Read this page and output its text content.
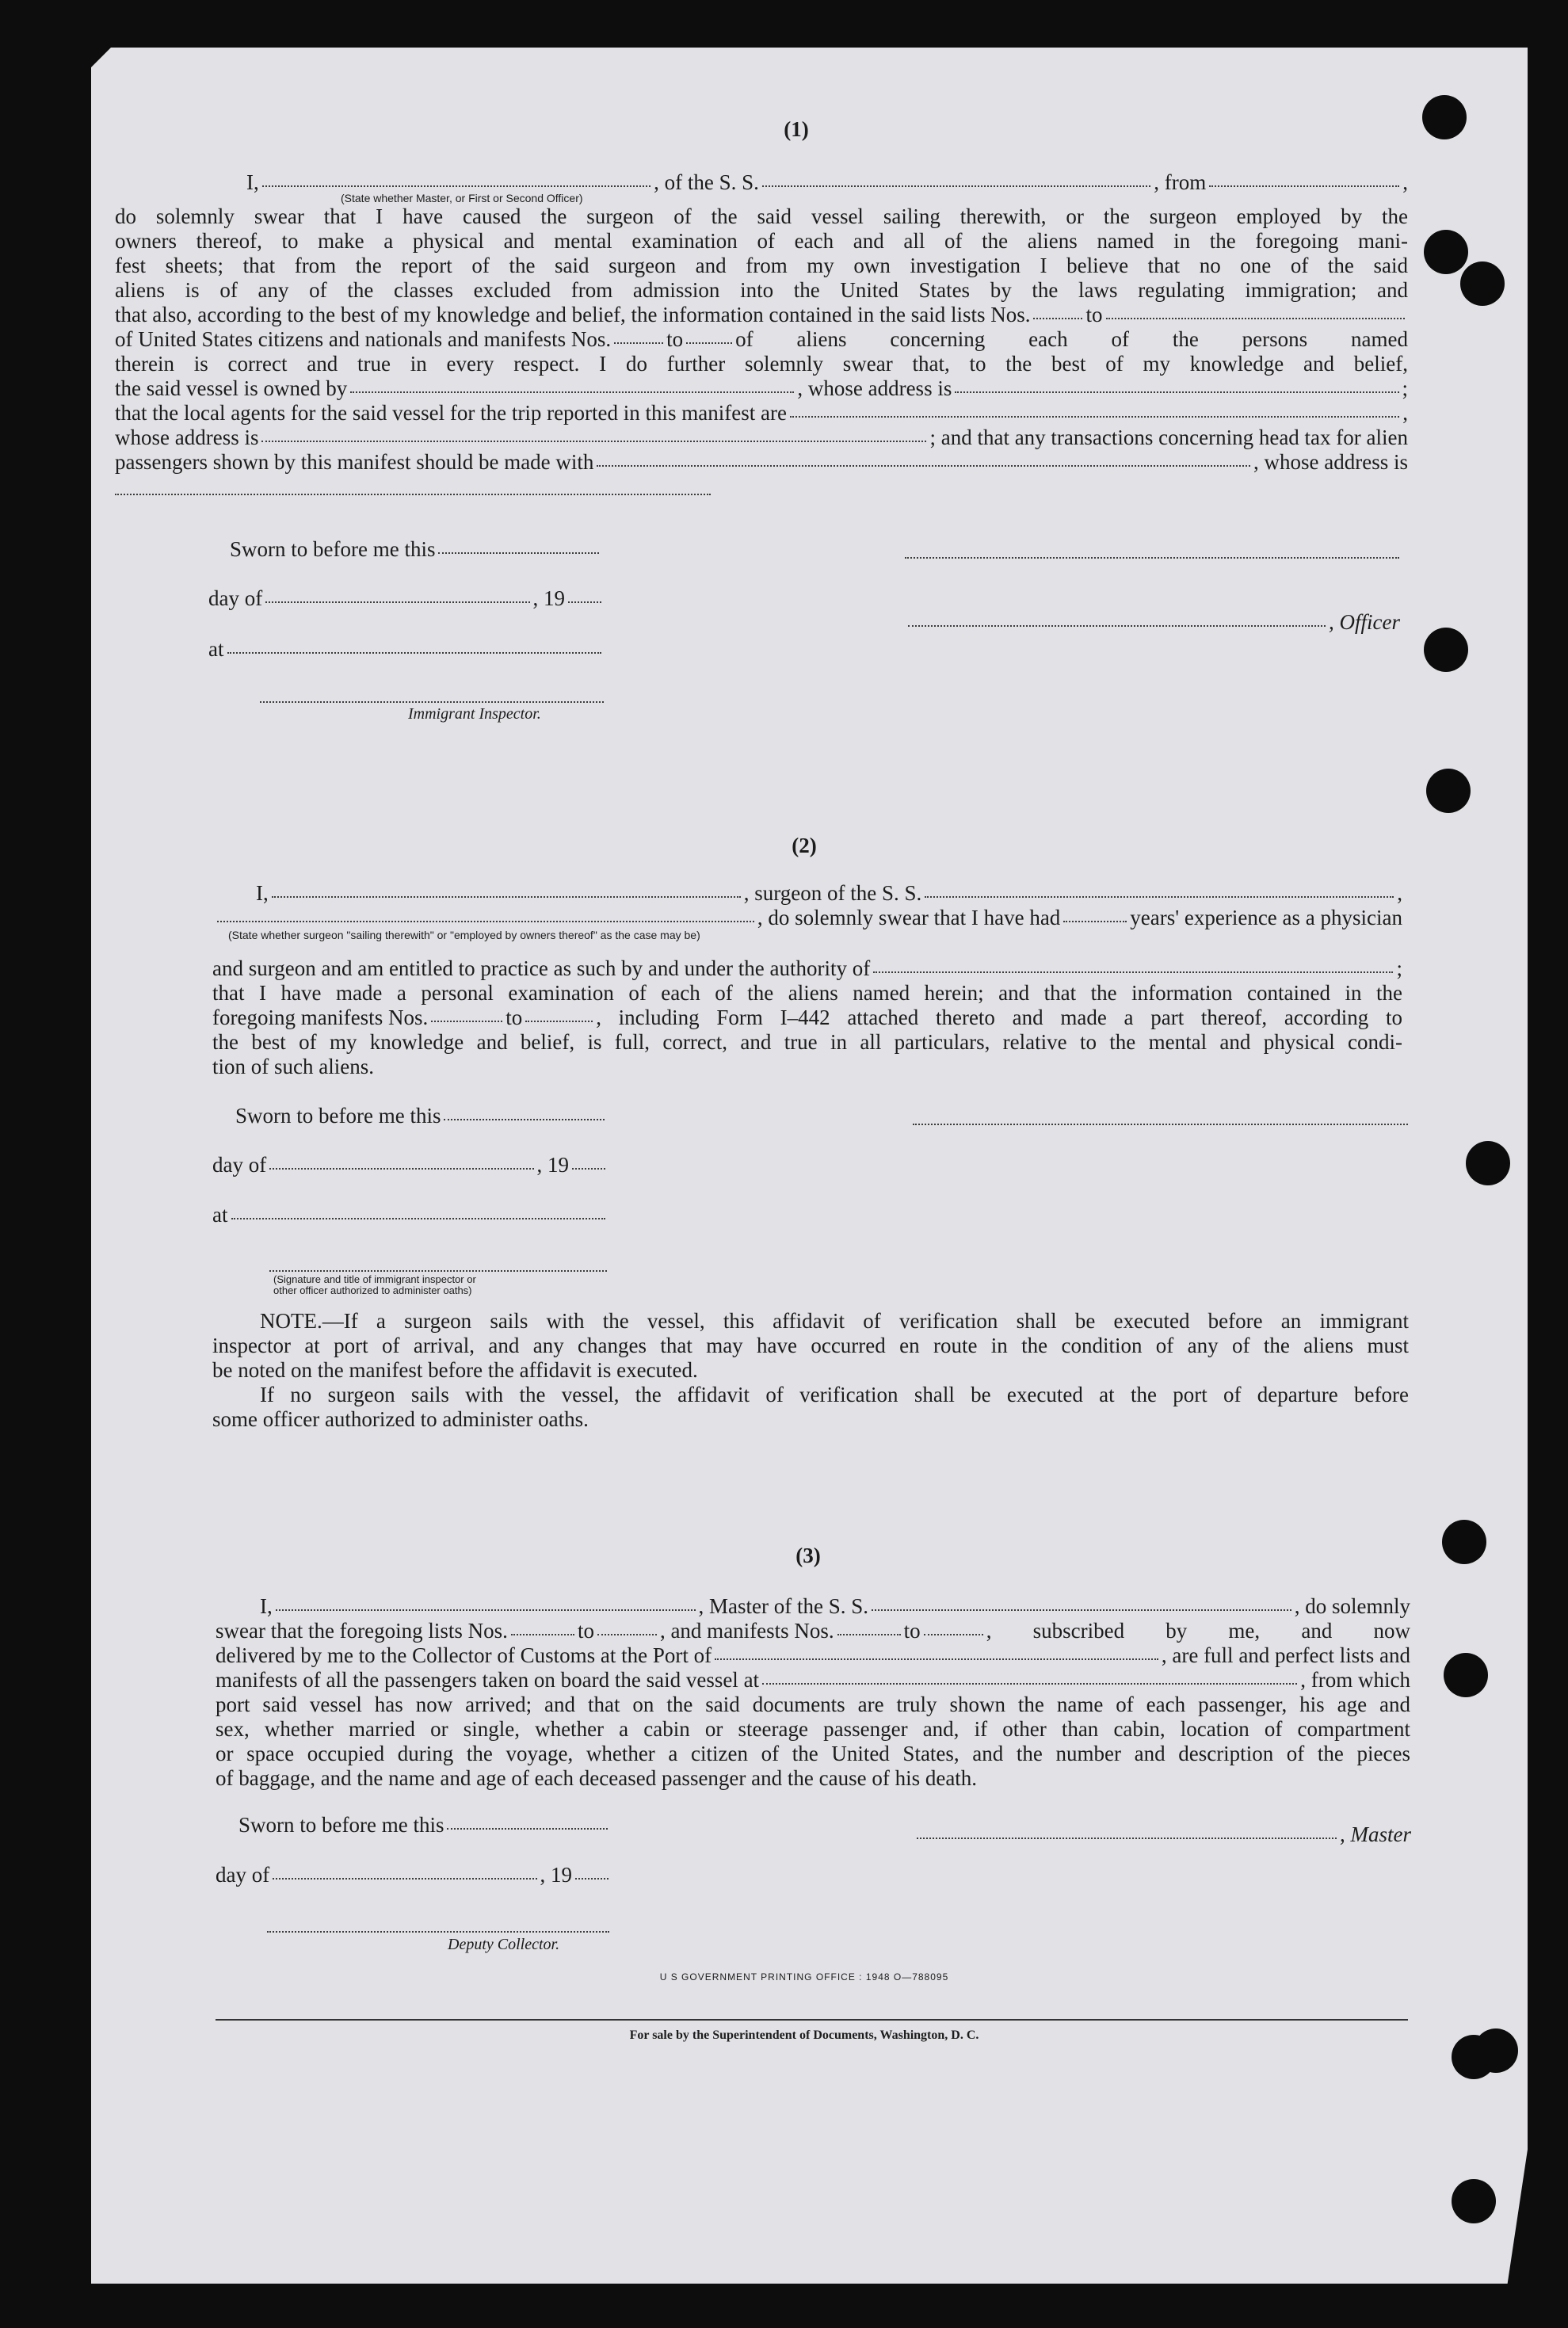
(1)
I,	, of the S. S.	, from	,
(State whether Master, or First or Second Officer)
do solemnly swear that I have caused the surgeon of the said vessel sailing therewith, or the surgeon employed by the
owners thereof, to make a physical and mental examination of each and all of the aliens named in the foregoing mani-
fest sheets; that from the report of the said surgeon and from my own investigation I believe that no one of the said
aliens is of any of the classes excluded from admission into the United States by the laws regulating immigration; and
that also, according to the best of my knowledge and belief, the information contained in the said lists Nos.	to
of United States citizens and nationals and manifests Nos.	to of aliens concerning each of the persons named
therein is correct and true in every respect. I do further solemnly swear that, to the best of my knowledge and belief,
the said vessel is owned by	, whose address is	;
that the local agents for the said vessel for the trip reported in this manifest are	,
whose address is	; and that any transactions concerning head tax for alien
passengers shown by this manifest should be made with	, whose address is
Sworn to before me this
day of	, 19
at
Immigrant Inspector.
, Officer
(2)
I,	, surgeon of the S. S.	,
, do solemnly swear that I have had	years' experience as a physician
(State whether surgeon "sailing therewith" or "employed by owners thereof" as the case may be)
and surgeon and am entitled to practice as such by and under the authority of	;
that I have made a personal examination of each of the aliens named herein; and that the information contained in the
foregoing manifests Nos.	to	, including Form I–442 attached thereto and made a part thereof, according to
the best of my knowledge and belief, is full, correct, and true in all particulars, relative to the mental and physical condi-
tion of such aliens.
Sworn to before me this
day of	, 19
at
(Signature and title of immigrant inspector or
other officer authorized to administer oaths)
NOTE.—If a surgeon sails with the vessel, this affidavit of verification shall be executed before an immigrant
inspector at port of arrival, and any changes that may have occurred en route in the condition of any of the aliens must
be noted on the manifest before the affidavit is executed.
If no surgeon sails with the vessel, the affidavit of verification shall be executed at the port of departure before
some officer authorized to administer oaths.
(3)
I,	, Master of the S. S.	, do solemnly
swear that the foregoing lists Nos.	to	, and manifests Nos.	to	, subscribed by me, and now
delivered by me to the Collector of Customs at the Port of	, are full and perfect lists and
manifests of all the passengers taken on board the said vessel at	, from which
port said vessel has now arrived; and that on the said documents are truly shown the name of each passenger, his age and
sex, whether married or single, whether a cabin or steerage passenger and, if other than cabin, location of compartment
or space occupied during the voyage, whether a citizen of the United States, and the number and description of the pieces
of baggage, and the name and age of each deceased passenger and the cause of his death.
Sworn to before me this
day of	, 19
Deputy Collector.
, Master
U S GOVERNMENT PRINTING OFFICE : 1948 O—788095
For sale by the Superintendent of Documents, Washington, D. C.
